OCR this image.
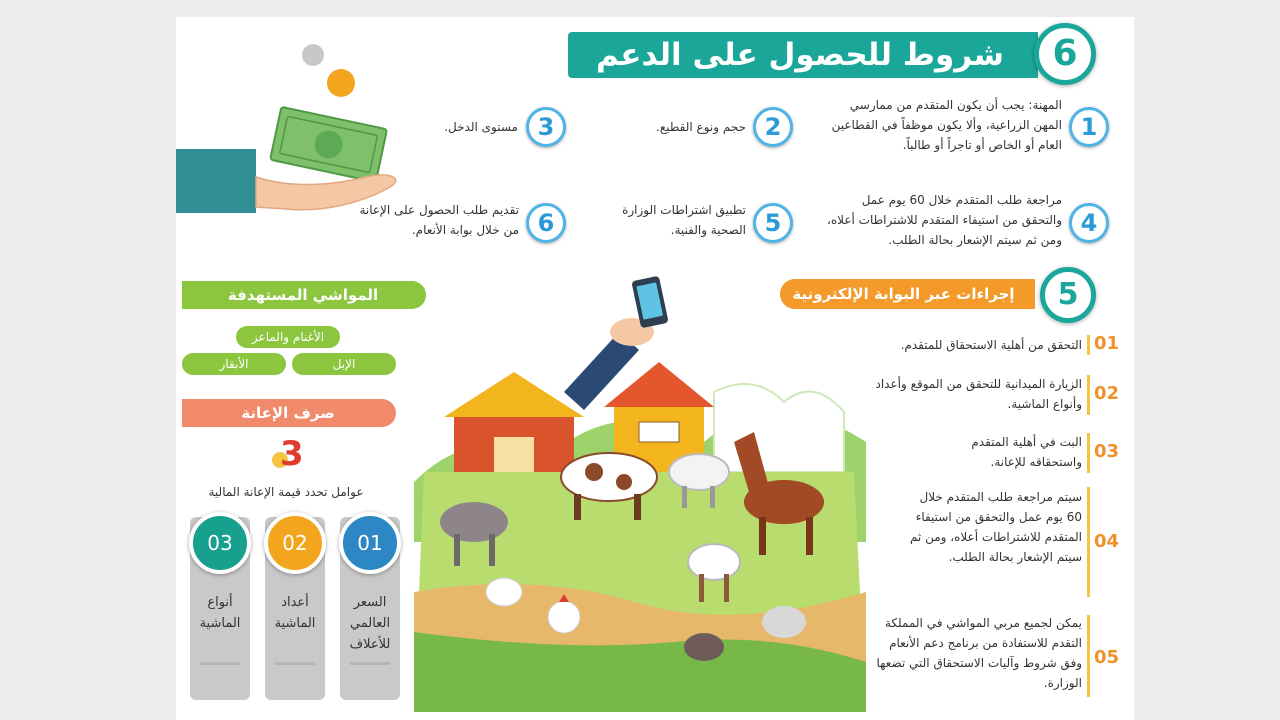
شروط للحصول على الدعم	6
1
المهنة: يجب أن يكون المتقدم من ممارسي المهن الزراعية، وألا يكون موظفاً في القطاعين العام أو الخاص أو تاجراً أو طالباً.
2
حجم ونوع القطيع.
3
مستوى الدخل.
4
مراجعة طلب المتقدم خلال 60 يوم عمل والتحقق من استيفاء المتقدم للاشتراطات أعلاه، ومن ثم سيتم الإشعار بحالة الطلب.
5
تطبيق اشتراطات الوزارة الصحية والفنية.
6
تقديم طلب الحصول على الإعانة من خلال بوابة الأنعام.
إجراءات عبر البوابة الإلكترونية	5
01
التحقق من أهلية الاستحقاق للمتقدم.
02
الزيارة الميدانية للتحقق من الموقع وأعداد وأنواع الماشية.
03
البت في أهلية المتقدم واستحقاقه للإعانة.
04
سيتم مراجعة طلب المتقدم خلال 60 يوم عمل والتحقق من استيفاء المتقدم للاشتراطات أعلاه، ومن ثم سيتم الإشعار بحالة الطلب.
05
يمكن لجميع مربي المواشي في المملكة التقدم للاستفادة من برنامج دعم الأنعام وفق شروط وآليات الاستحقاق التي تضعها الوزارة.
المواشي المستهدفة
الأغنام والماعز
الإبل
الأبقار
صرف الإعانة
3
عوامل تحدد قيمة الإعانة المالية
01
02
03
السعر العالمي للأعلاف
أعداد الماشية
أنواع الماشية
